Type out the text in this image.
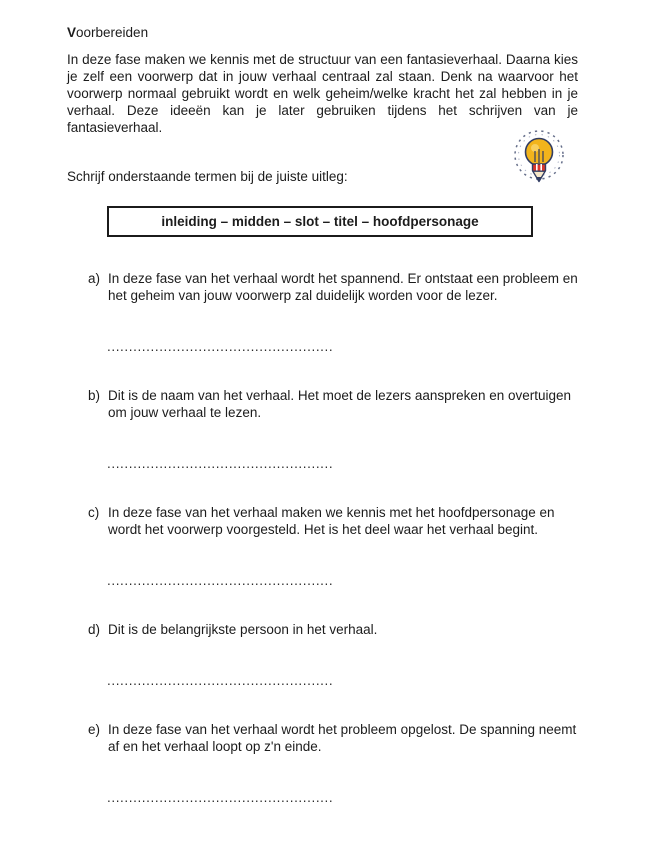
Voorbereiden

In deze fase maken we kennis met de structuur van een fantasieverhaal. Daarna kies je zelf een voorwerp dat in jouw verhaal centraal zal staan. Denk na waarvoor het voorwerp normaal gebruikt wordt en welk geheim/welke kracht het zal hebben in je verhaal. Deze ideeën kan je later gebruiken tijdens het schrijven van je fantasieverhaal.

Schrijf onderstaande termen bij de juiste uitleg:

inleiding – midden – slot – titel – hoofdpersonage
a) In deze fase van het verhaal wordt het spannend. Er ontstaat een probleem en het geheim van jouw voorwerp zal duidelijk worden voor de lezer.
....................................................
b) Dit is de naam van het verhaal. Het moet de lezers aanspreken en overtuigen om jouw verhaal te lezen.
....................................................
c) In deze fase van het verhaal maken we kennis met het hoofdpersonage en wordt het voorwerp voorgesteld. Het is het deel waar het verhaal begint.
....................................................
d) Dit is de belangrijkste persoon in het verhaal.
....................................................
e) In deze fase van het verhaal wordt het probleem opgelost. De spanning neemt af en het verhaal loopt op z'n einde.
....................................................
